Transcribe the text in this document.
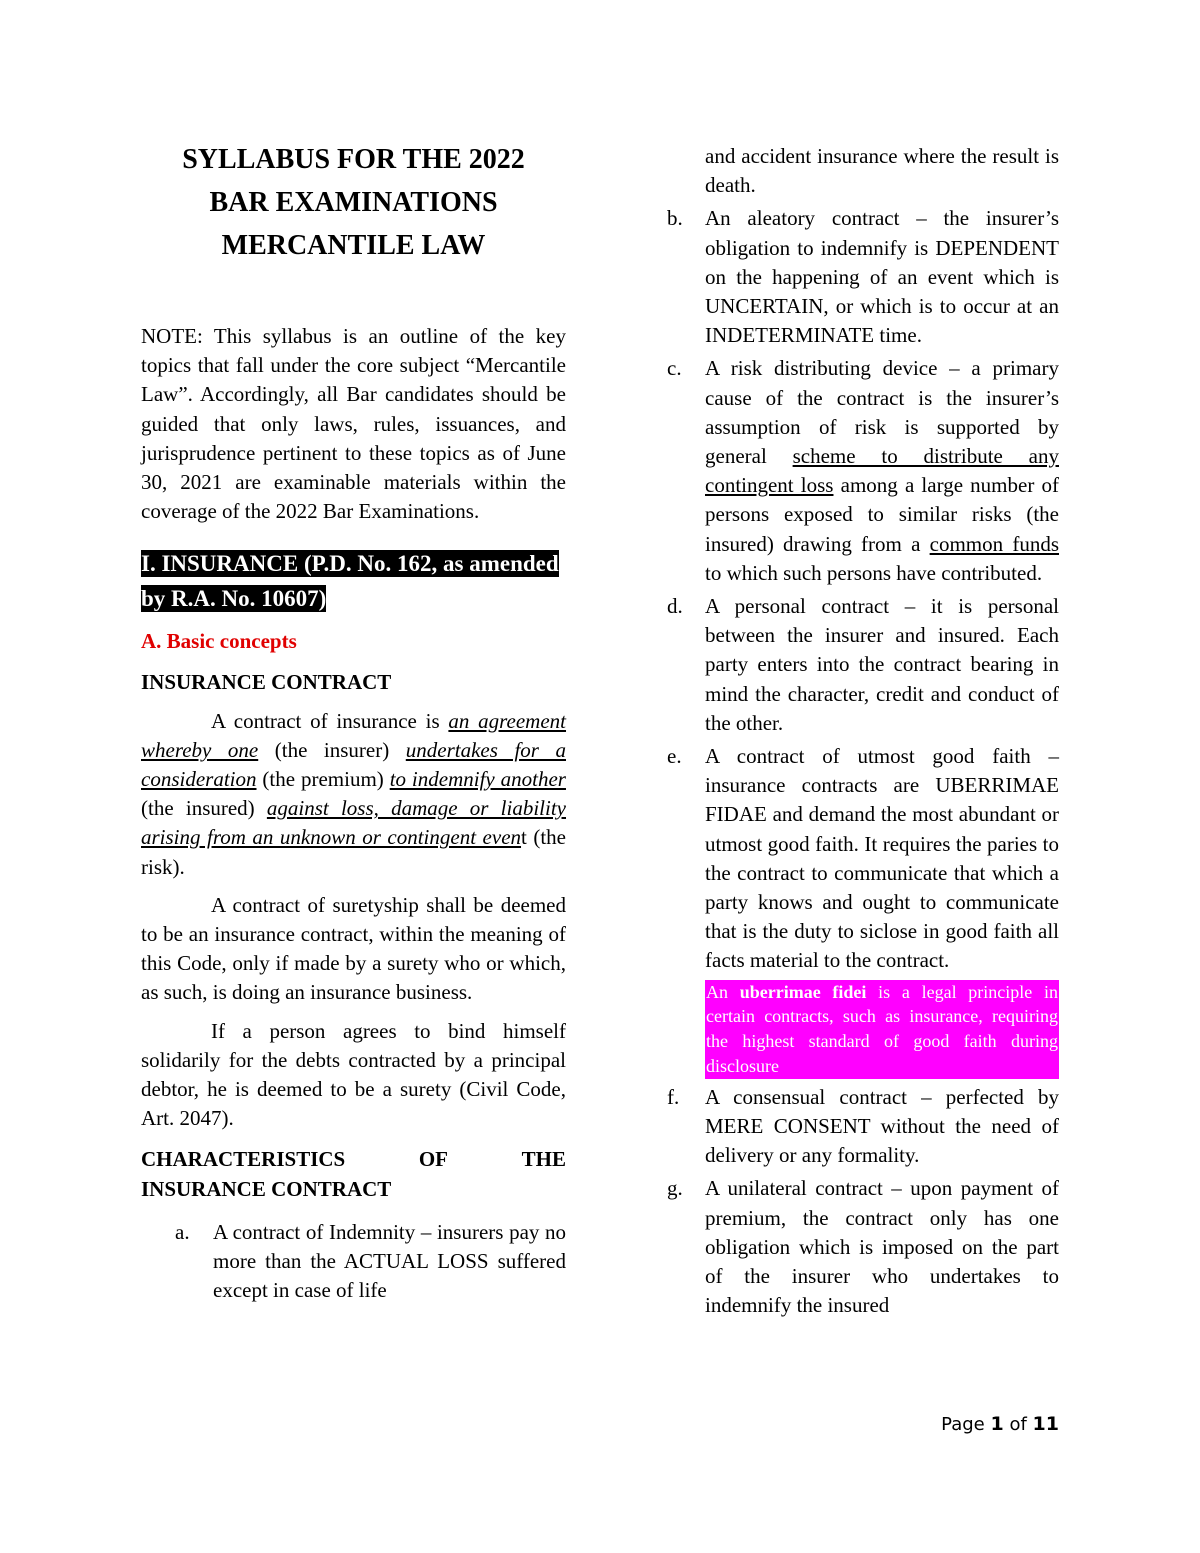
SYLLABUS FOR THE 2022
BAR EXAMINATIONS
MERCANTILE LAW

NOTE: This syllabus is an outline of the key topics that fall under the core subject “Mercantile Law”. Accordingly, all Bar candidates should be guided that only laws, rules, issuances, and jurisprudence pertinent to these topics as of June 30, 2021 are examinable materials within the coverage of the 2022 Bar Examinations.

I. INSURANCE (P.D. No. 162, as amended by R.A. No. 10607)
A. Basic concepts
INSURANCE CONTRACT

A contract of insurance is an agreement whereby one (the insurer) undertakes for a consideration (the premium) to indemnify another (the insured) against loss, damage or liability arising from an unknown or contingent event (the risk).

A contract of suretyship shall be deemed to be an insurance contract, within the meaning of this Code, only if made by a surety who or which, as such, is doing an insurance business.

If a person agrees to bind himself solidarily for the debts contracted by a principal debtor, he is deemed to be a surety (Civil Code, Art. 2047).

CHARACTERISTICS	OF	THE
INSURANCE CONTRACT
a.	A contract of Indemnity – insurers pay no more than the ACTUAL LOSS suffered except in case of life
and accident insurance where the result is death.
b.	An aleatory contract – the insurer’s obligation to indemnify is DEPENDENT on the happening of an event which is UNCERTAIN, or which is to occur at an INDETERMINATE time.
c.	A risk distributing device – a primary cause of the contract is the insurer’s assumption of risk is supported by general scheme to distribute any contingent loss among a large number of persons exposed to similar risks (the insured) drawing from a common funds to which such persons have contributed.
d.	A personal contract – it is personal between the insurer and insured. Each party enters into the contract bearing in mind the character, credit and conduct of the other.
e.	A contract of utmost good faith – insurance contracts are UBERRIMAE FIDAE and demand the most abundant or utmost good faith. It requires the paries to the contract to communicate that which a party knows and ought to communicate that is the duty to siclose in good faith all facts material to the contract.
An uberrimae fidei is a legal principle in certain contracts, such as insurance, requiring the highest standard of good faith during disclosure
f.	A consensual contract – perfected by MERE CONSENT without the need of delivery or any formality.
g.	A unilateral contract – upon payment of premium, the contract only has one obligation which is imposed on the part of the insurer who undertakes to indemnify the insured
Page 1 of 11
